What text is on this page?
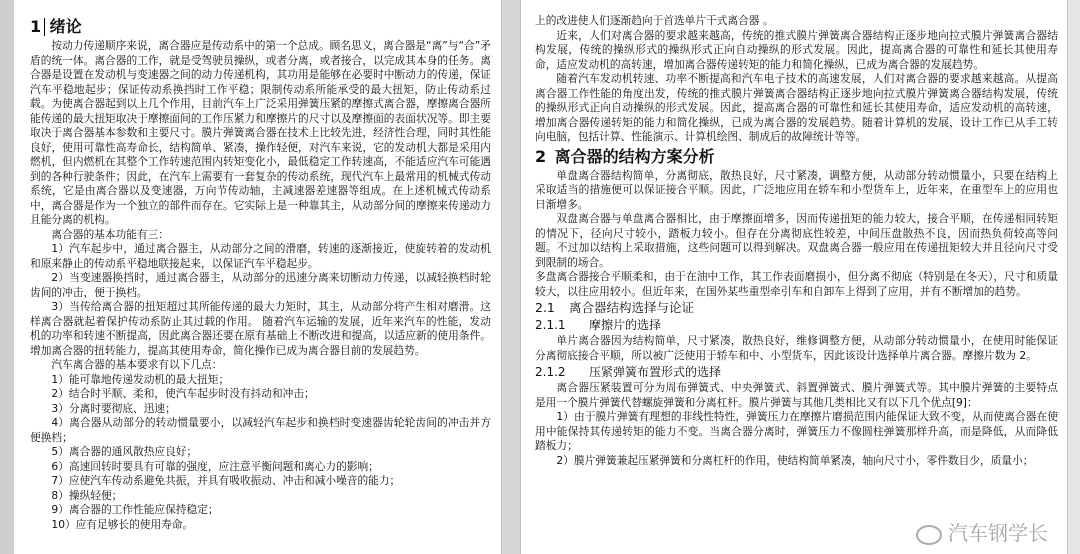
1 绪论

按动力传递顺序来说，离合器应是传动系中的第一个总成。顾名思义，离合器是“离”与“合”矛盾的统一体。离合器的工作，就是受驾驶员操纵，或者分离，或者接合，以完成其本身的任务。离合器是设置在发动机与变速器之间的动力传递机构，其功用是能够在必要时中断动力的传递，保证汽车平稳地起步；保证传动系换挡时工作平稳；限制传动系所能承受的最大扭矩，防止传动系过载。为使离合器起到以上几个作用，目前汽车上广泛采用弹簧压紧的摩擦式离合器，摩擦离合器所能传递的最大扭矩取决于摩擦面间的工作压紧力和摩擦片的尺寸以及摩擦面的表面状况等。即主要取决于离合器基本参数和主要尺寸。膜片弹簧离合器在技术上比较先进，经济性合理，同时其性能良好，使用可靠性高寿命长，结构简单、紧凑，操作轻便，对汽车来说，它的发动机大都是采用内燃机，但内燃机在其整个工作转速范围内转矩变化小，最低稳定工作转速高，不能适应汽车可能遇到的各种行驶条件；因此，在汽车上需要有一套复杂的传动系统，现代汽车上最常用的机械式传动系统，它是由离合器以及变速器，万向节传动轴，主减速器差速器等组成。在上述机械式传动系中，离合器是作为一个独立的部件而存在。它实际上是一种靠其主，从动部分间的摩擦来传递动力且能分离的机构。

离合器的基本功能有三：

1）汽车起步中，通过离合器主，从动部分之间的滑磨，转速的逐渐接近，使旋转着的发动机和原来静止的传动系平稳地联接起来，以保证汽车平稳起步。

2）当变速器换挡时，通过离合器主，从动部分的迅速分离来切断动力传递，以减轻换档时轮齿间的冲击，便于换档。

3）当传给离合器的扭矩超过其所能传递的最大力矩时，其主，从动部分将产生相对磨滑。这样离合器就起着保护传动系防止其过载的作用。 随着汽车运输的发展，近年来汽车的性能，发动机的功率和转速不断提高，因此离合器还要在原有基础上不断改进和提高，以适应新的使用条件。增加离合器的扭转能力，提高其使用寿命，简化操作已成为离合器目前的发展趋势。

汽车离合器的基本要求有以下几点：

1）能可靠地传递发动机的最大扭矩；

2）结合时平顺、柔和，使汽车起步时没有抖动和冲击；

3）分离时要彻底、迅速；

4）离合器从动部分的转动惯量要小，以减轻汽车起步和换档时变速器齿轮轮齿间的冲击并方便换档；

5）离合器的通风散热应良好；

6）高速回转时要具有可靠的强度，应注意平衡问题和离心力的影响；

7）应使汽车传动系避免共振，并具有吸收振动、冲击和减小噪音的能力；

8）操纵轻便；

9）离合器的工作性能应保持稳定；

10）应有足够长的使用寿命。

上的改进使人们逐渐趋向于首选单片干式离合器 。

近来，人们对离合器的要求越来越高，传统的推式膜片弹簧离合器结构正逐步地向拉式膜片弹簧离合器结构发展，传统的操纵形式的操纵形式正向自动操纵的形式发展。因此，提高离合器的可靠性和延长其使用寿命，适应发动机的高转速，增加离合器传递转矩的能力和简化操纵，已成为离合器的发展趋势。

随着汽车发动机转速、功率不断提高和汽车电子技术的高速发展，人们对离合器的要求越来越高。从提高离合器工作性能的角度出发，传统的推式膜片弹簧离合器结构正逐步地向拉式膜片弹簧离合器结构发展，传统的操纵形式正向自动操纵的形式发展。因此，提高离合器的可靠性和延长其使用寿命，适应发动机的高转速，增加离合器传递转矩的能力和简化操纵，已成为离合器的发展趋势。随着计算机的发展，设计工作已从手工转向电脑，包括计算、性能演示、计算机绘图、制成后的故障统计等等。

2 离合器的结构方案分析

单盘离合器结构简单，分离彻底，散热良好，尺寸紧凑，调整方便，从动部分转动惯量小，只要在结构上采取适当的措施便可以保证接合平顺。因此，广泛地应用在轿车和小型货车上，近年来，在重型车上的应用也日渐增多。

双盘离合器与单盘离合器相比，由于摩擦面增多，因而传递扭矩的能力较大，接合平顺，在传递相同转矩的情况下，径向尺寸较小，踏板力较小。但存在分离彻底性较差，中间压盘散热不良，因而热负荷较高等问题。不过加以结构上采取措施，这些问题可以得到解决。双盘离合器一般应用在传递扭矩较大并且径向尺寸受到限制的场合。

多盘离合器接合平顺柔和，由于在油中工作，其工作表面磨损小，但分离不彻底（特别是在冬天），尺寸和质量较大，以往应用较小。但近年来，在国外某些重型牵引车和自卸车上得到了应用，并有不断增加的趋势。

2.1 离合器结构选择与论证
2.1.1 摩擦片的选择

单片离合器因为结构简单，尺寸紧凑，散热良好，维修调整方便，从动部分转动惯量小，在使用时能保证分离彻底接合平顺，所以被广泛使用于轿车和中、小型货车，因此该设计选择单片离合器。摩擦片数为 2。

2.1.2 压紧弹簧布置形式的选择

离合器压紧装置可分为周布弹簧式、中央弹簧式、斜置弹簧式、膜片弹簧式等。其中膜片弹簧的主要特点是用一个膜片弹簧代替螺旋弹簧和分离杠杆。膜片弹簧与其他几类相比又有以下几个优点[9]：

1）由于膜片弹簧有理想的非线性特性，弹簧压力在摩擦片磨损范围内能保证大致不变，从而使离合器在使用中能保持其传递转矩的能力不变。当离合器分离时，弹簧压力不像圆柱弹簧那样升高，而是降低，从而降低踏板力；

2）膜片弹簧兼起压紧弹簧和分离杠杆的作用，使结构简单紧凑，轴向尺寸小，零件数目少，质量小；

汽车钢学长
